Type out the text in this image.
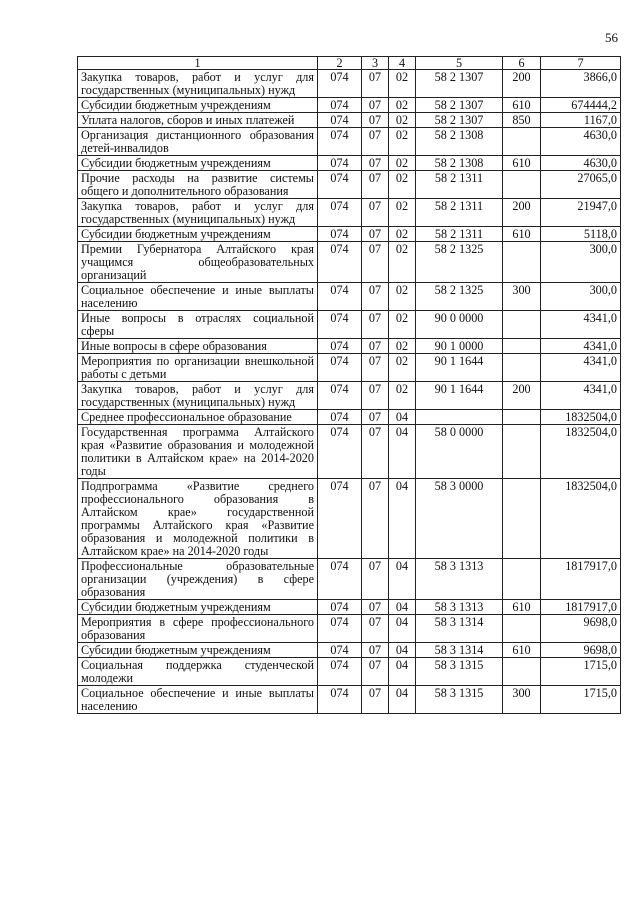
56
1	2	3	4	5	6	7
Закупка товаров, работ и услуг для государственных (муниципальных) нужд	074	07	02	58 2 1307	200	3866,0
Субсидии бюджетным учреждениям	074	07	02	58 2 1307	610	674444,2
Уплата налогов, сборов и иных платежей	074	07	02	58 2 1307	850	1167,0
Организация дистанционного образования детей-инвалидов	074	07	02	58 2 1308		4630,0
Субсидии бюджетным учреждениям	074	07	02	58 2 1308	610	4630,0
Прочие расходы на развитие системы общего и дополнительного образования	074	07	02	58 2 1311		27065,0
Закупка товаров, работ и услуг для государственных (муниципальных) нужд	074	07	02	58 2 1311	200	21947,0
Субсидии бюджетным учреждениям	074	07	02	58 2 1311	610	5118,0
Премии Губернатора Алтайского края учащимся общеобразовательных организаций	074	07	02	58 2 1325		300,0
Социальное обеспечение и иные выплаты населению	074	07	02	58 2 1325	300	300,0
Иные вопросы в отраслях социальной сферы	074	07	02	90 0 0000		4341,0
Иные вопросы в сфере образования	074	07	02	90 1 0000		4341,0
Мероприятия по организации внешкольной работы с детьми	074	07	02	90 1 1644		4341,0
Закупка товаров, работ и услуг для государственных (муниципальных) нужд	074	07	02	90 1 1644	200	4341,0
Среднее профессиональное образование	074	07	04			1832504,0
Государственная программа Алтайского края «Развитие образования и молодежной политики в Алтайском крае» на 2014-2020 годы	074	07	04	58 0 0000		1832504,0
Подпрограмма «Развитие среднего профессионального образования в Алтайском крае» государственной программы Алтайского края «Развитие образования и молодежной политики в Алтайском крае» на 2014-2020 годы	074	07	04	58 3 0000		1832504,0
Профессиональные образовательные организации (учреждения) в сфере образования	074	07	04	58 3 1313		1817917,0
Субсидии бюджетным учреждениям	074	07	04	58 3 1313	610	1817917,0
Мероприятия в сфере профессионального образования	074	07	04	58 3 1314		9698,0
Субсидии бюджетным учреждениям	074	07	04	58 3 1314	610	9698,0
Социальная поддержка студенческой молодежи	074	07	04	58 3 1315		1715,0
Социальное обеспечение и иные выплаты населению	074	07	04	58 3 1315	300	1715,0
